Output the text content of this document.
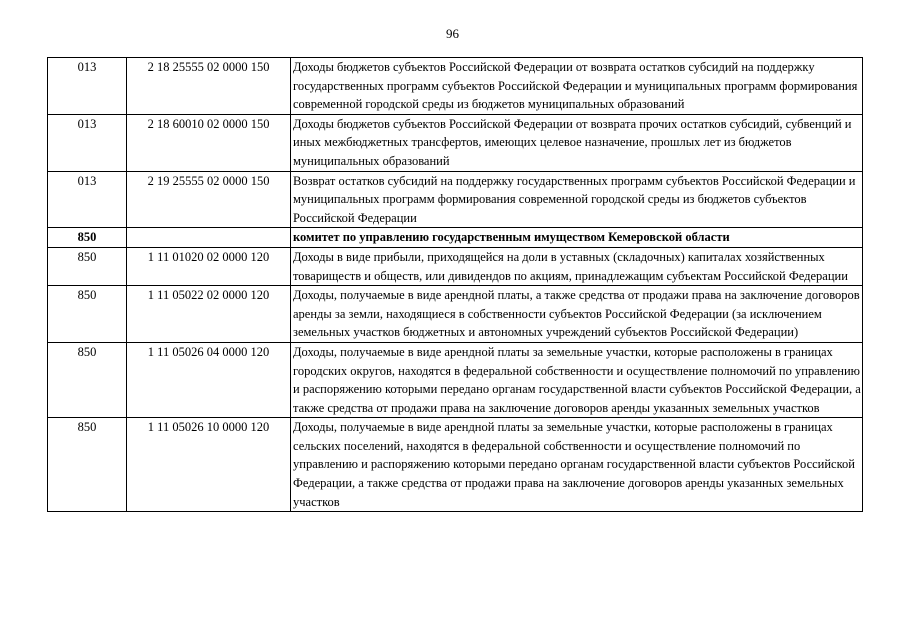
96
013	2 18 25555 02 0000 150	Доходы бюджетов субъектов Российской Федерации от возврата остатков субсидий на поддержку государственных программ субъектов Российской Федерации и муниципальных программ формирования современной городской среды из бюджетов муниципальных образований
013	2 18 60010 02 0000 150	Доходы бюджетов субъектов Российской Федерации от возврата прочих остатков субсидий, субвенций и иных межбюджетных трансфертов, имеющих целевое назначение, прошлых лет из бюджетов муниципальных образований
013	2 19 25555 02 0000 150	Возврат остатков субсидий на поддержку государственных программ субъектов Российской Федерации и муниципальных программ формирования современной городской среды из бюджетов субъектов Российской Федерации
850		комитет по управлению государственным имуществом Кемеровской области
850	1 11 01020 02 0000 120	Доходы в виде прибыли, приходящейся на доли в уставных (складочных) капиталах хозяйственных товариществ и обществ, или дивидендов по акциям, принадлежащим субъектам Российской Федерации
850	1 11 05022 02 0000 120	Доходы, получаемые в виде арендной платы, а также средства от продажи права на заключение договоров аренды за земли, находящиеся в собственности субъектов Российской Федерации (за исключением земельных участков бюджетных и автономных учреждений субъектов Российской Федерации)
850	1 11 05026 04 0000 120	Доходы, получаемые в виде арендной платы за земельные участки, которые расположены в границах городских округов, находятся в федеральной собственности и осуществление полномочий по управлению и распоряжению которыми передано органам государственной власти субъектов Российской Федерации, а также средства от продажи права на заключение договоров аренды указанных земельных участков
850	1 11 05026 10 0000 120	Доходы, получаемые в виде арендной платы за земельные участки, которые расположены в границах сельских поселений, находятся в федеральной собственности и осуществление полномочий по управлению и распоряжению которыми передано органам государственной власти субъектов Российской Федерации, а также средства от продажи права на заключение договоров аренды указанных земельных участков
